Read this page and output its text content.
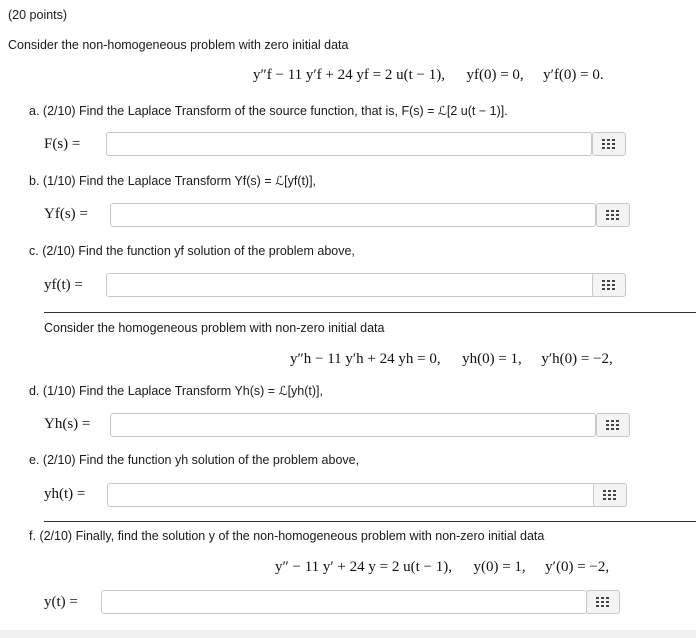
(20 points)
Consider the non-homogeneous problem with zero initial data
y″f − 11 y′f + 24 yf = 2 u(t − 1), yf(0) = 0, y′f(0) = 0.
a. (2/10) Find the Laplace Transform of the source function, that is, F(s) = ℒ[2 u(t − 1)].
F(s) =
b. (1/10) Find the Laplace Transform Yf(s) = ℒ[yf(t)],
Yf(s) =
c. (2/10) Find the function yf solution of the problem above,
yf(t) =
Consider the homogeneous problem with non-zero initial data
y″h − 11 y′h + 24 yh = 0, yh(0) = 1, y′h(0) = −2,
d. (1/10) Find the Laplace Transform Yh(s) = ℒ[yh(t)],
Yh(s) =
e. (2/10) Find the function yh solution of the problem above,
yh(t) =
f. (2/10) Finally, find the solution y of the non-homogeneous problem with non-zero initial data
y″ − 11 y′ + 24 y = 2 u(t − 1), y(0) = 1, y′(0) = −2,
y(t) =
